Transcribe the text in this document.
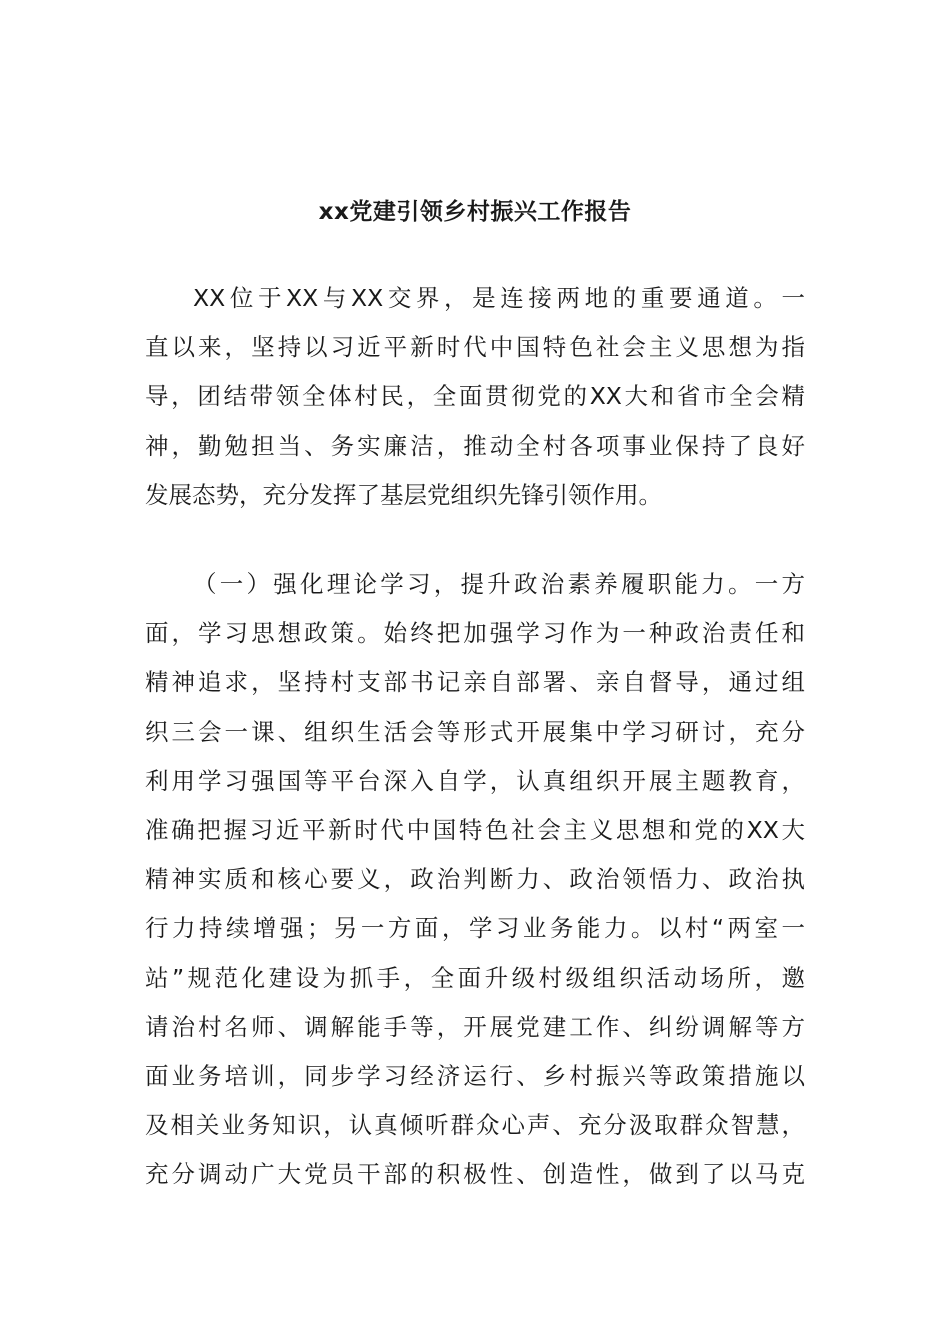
xx党建引领乡村振兴工作报告
XX位于XX与XX交界，是连接两地的重要通道。一
直以来，坚持以习近平新时代中国特色社会主义思想为指
导，团结带领全体村民，全面贯彻党的XX大和省市全会精
神，勤勉担当、务实廉洁，推动全村各项事业保持了良好
发展态势，充分发挥了基层党组织先锋引领作用。
（一）强化理论学习，提升政治素养履职能力。一方
面，学习思想政策。始终把加强学习作为一种政治责任和
精神追求，坚持村支部书记亲自部署、亲自督导，通过组
织三会一课、组织生活会等形式开展集中学习研讨，充分
利用学习强国等平台深入自学，认真组织开展主题教育，
准确把握习近平新时代中国特色社会主义思想和党的XX大
精神实质和核心要义，政治判断力、政治领悟力、政治执
行力持续增强；另一方面，学习业务能力。以村“两室一
站”规范化建设为抓手，全面升级村级组织活动场所，邀
请治村名师、调解能手等，开展党建工作、纠纷调解等方
面业务培训，同步学习经济运行、乡村振兴等政策措施以
及相关业务知识，认真倾听群众心声、充分汲取群众智慧，
充分调动广大党员干部的积极性、创造性，做到了以马克
